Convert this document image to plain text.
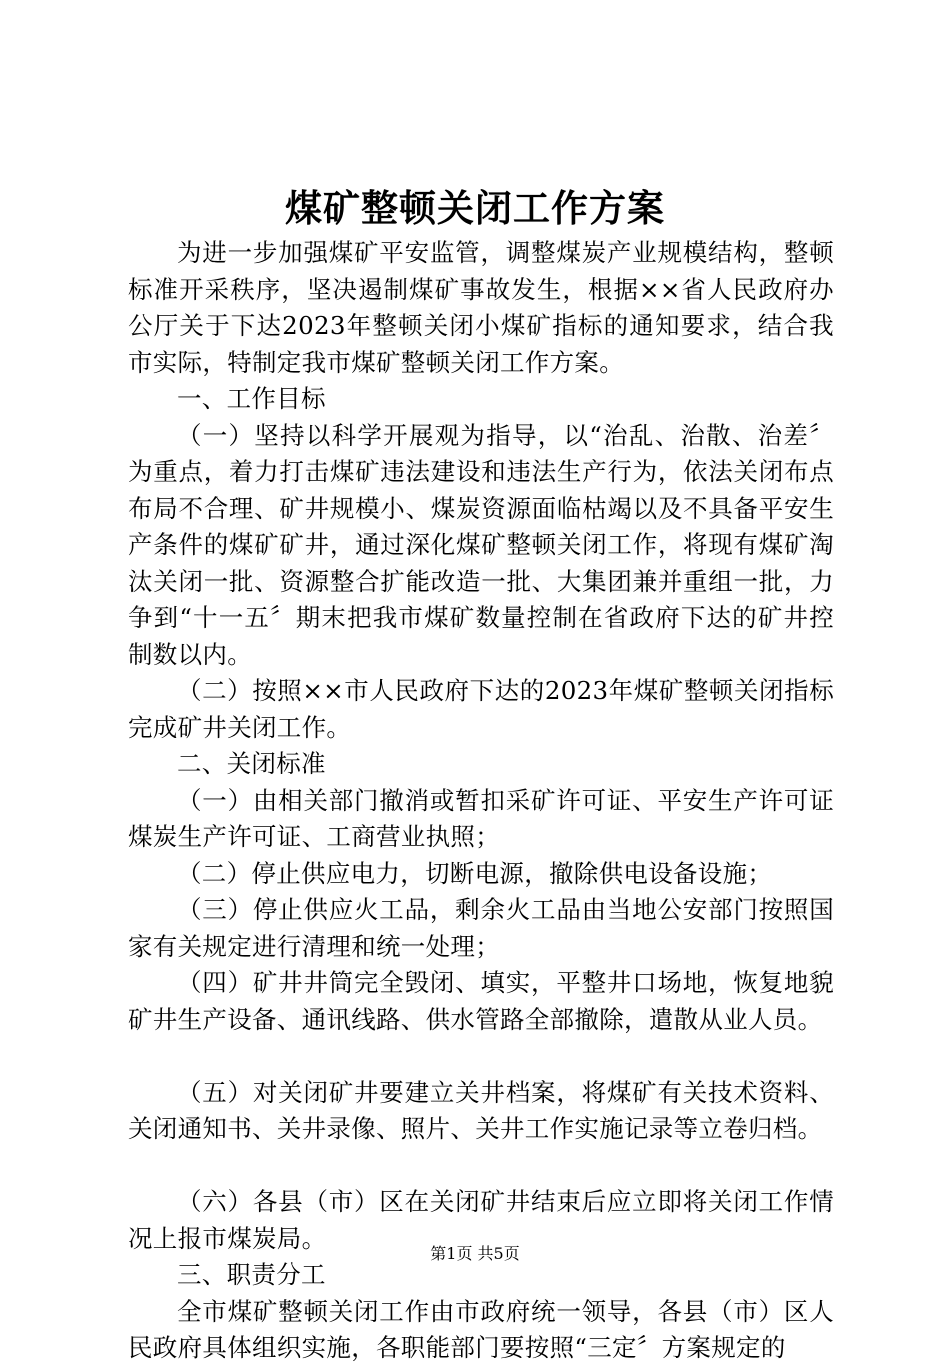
煤矿整顿关闭工作方案

为进一步加强煤矿平安监管，调整煤炭产业规模结构，整顿标准开采秩序，坚决遏制煤矿事故发生，根据××省人民政府办公厅关于下达2023年整顿关闭小煤矿指标的通知要求，结合我市实际，特制定我市煤矿整顿关闭工作方案。

一、工作目标

（一）坚持以科学开展观为指导，以“治乱、治散、治差〞为重点，着力打击煤矿违法建设和违法生产行为，依法关闭布点布局不合理、矿井规模小、煤炭资源面临枯竭以及不具备平安生产条件的煤矿矿井，通过深化煤矿整顿关闭工作，将现有煤矿淘汰关闭一批、资源整合扩能改造一批、大集团兼并重组一批，力争到“十一五〞期末把我市煤矿数量控制在省政府下达的矿井控制数以内。

（二）按照××市人民政府下达的2023年煤矿整顿关闭指标完成矿井关闭工作。

二、关闭标准

（一）由相关部门撤消或暂扣采矿许可证、平安生产许可证煤炭生产许可证、工商营业执照；

（二）停止供应电力，切断电源，撤除供电设备设施；

（三）停止供应火工品，剩余火工品由当地公安部门按照国家有关规定进行清理和统一处理；

（四）矿井井筒完全毁闭、填实，平整井口场地，恢复地貌矿井生产设备、通讯线路、供水管路全部撤除，遣散从业人员。

（五）对关闭矿井要建立关井档案，将煤矿有关技术资料、关闭通知书、关井录像、照片、关井工作实施记录等立卷归档。

（六）各县（市）区在关闭矿井结束后应立即将关闭工作情况上报市煤炭局。

三、职责分工

全市煤矿整顿关闭工作由市政府统一领导，各县（市）区人民政府具体组织实施，各职能部门要按照“三定〞方案规定的

第1页 共5页
